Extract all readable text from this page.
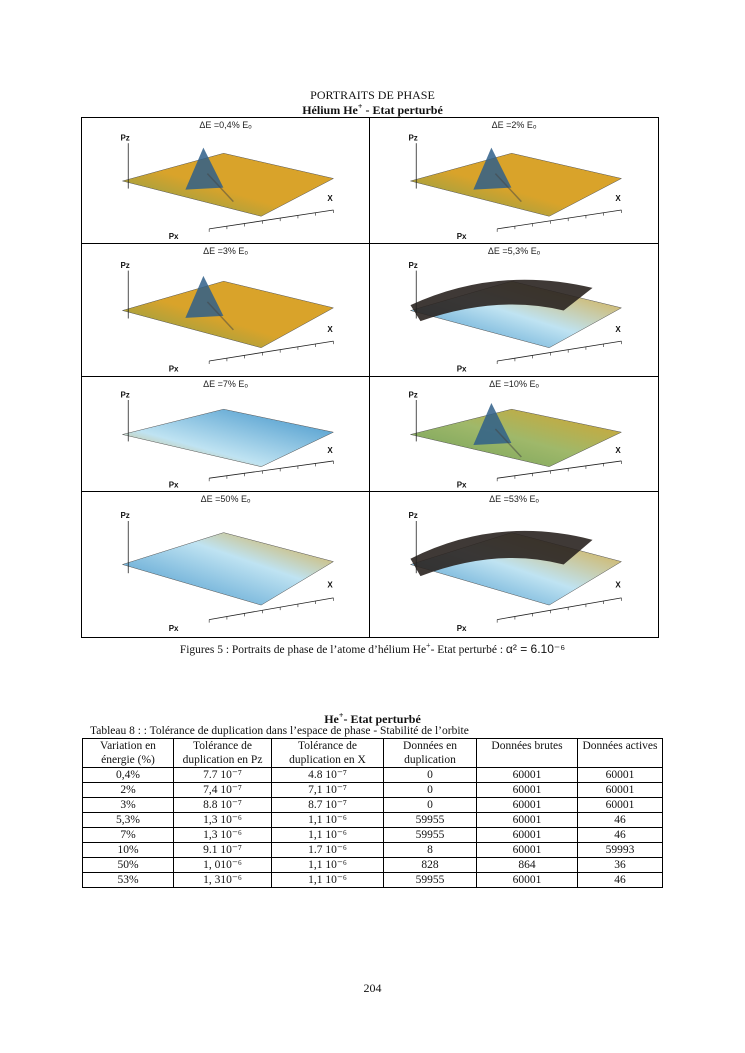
PORTRAITS DE PHASE
Hélium He+ - Etat perturbé
ΔE =0,4% Eₒ
Pz
Px
X
ΔE =2% Eₒ
Pz
Px
X
ΔE =3% Eₒ
Pz
Px
X
ΔE =5,3% Eₒ
Pz
Px
X
ΔE =7% Eₒ
Pz
Px
X
ΔE =10% Eₒ
Pz
Px
X
ΔE =50% Eₒ
Pz
Px
X
ΔE =53% Eₒ
Pz
Px
X
Figures 5 : Portraits de phase de l’atome d’hélium He+- Etat perturbé : α² = 6.10⁻⁶
He+- Etat perturbé
Tableau 8 : : Tolérance de duplication dans l’espace de phase - Stabilité de l’orbite
Variation en énergie (%)	Tolérance de duplication en Pz	Tolérance de duplication en X	Données en duplication	Données brutes	Données actives
0,4%	7.7 10⁻⁷	4.8 10⁻⁷	0	60001	60001
2%	7,4 10⁻⁷	7,1 10⁻⁷	0	60001	60001
3%	8.8 10⁻⁷	8.7 10⁻⁷	0	60001	60001
5,3%	1,3 10⁻⁶	1,1 10⁻⁶	59955	60001	46
7%	1,3 10⁻⁶	1,1 10⁻⁶	59955	60001	46
10%	9.1 10⁻⁷	1.7 10⁻⁶	8	60001	59993
50%	1, 010⁻⁶	1,1 10⁻⁶	828	864	36
53%	1, 310⁻⁶	1,1 10⁻⁶	59955	60001	46
204
